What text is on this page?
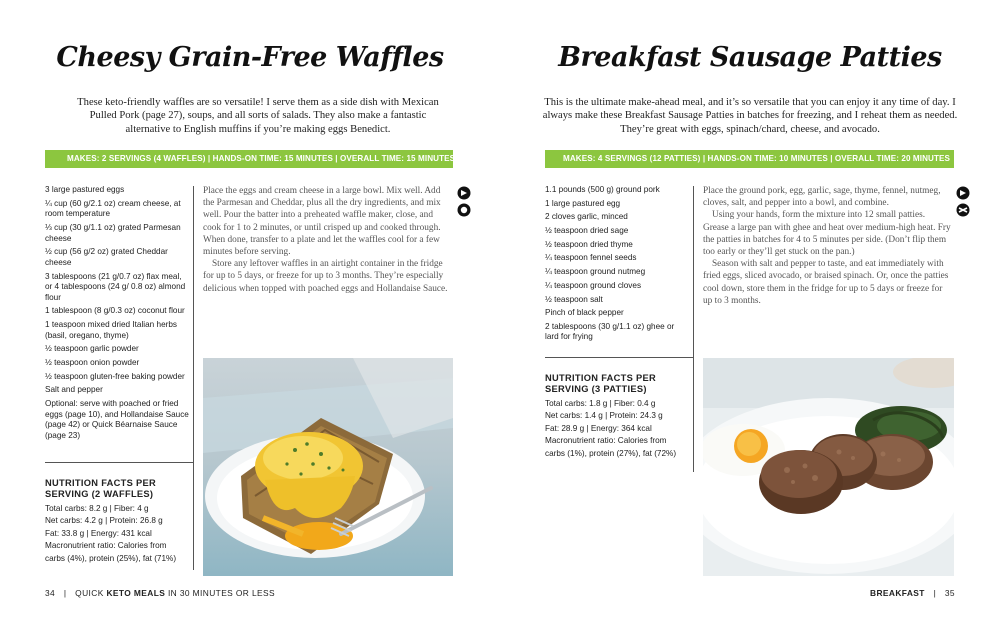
Cheesy Grain-Free Waffles

These keto-friendly waffles are so versatile! I serve them as a side dish with Mexican Pulled Pork (page 27), soups, and all sorts of salads. They also make a fantastic alternative to English muffins if you’re making eggs Benedict.

MAKES: 2 SERVINGS (4 WAFFLES) | HANDS-ON TIME: 15 MINUTES | OVERALL TIME: 15 MINUTES
3 large pastured eggs
¼ cup (60 g/2.1 oz) cream cheese, at room temperature
⅓ cup (30 g/1.1 oz) grated Parmesan cheese
½ cup (56 g/2 oz) grated Cheddar cheese
3 tablespoons (21 g/0.7 oz) flax meal, or 4 tablespoons (24 g/ 0.8 oz) almond flour
1 tablespoon (8 g/0.3 oz) coconut flour
1 teaspoon mixed dried Italian herbs (basil, oregano, thyme)
½ teaspoon garlic powder
½ teaspoon onion powder
½ teaspoon gluten-free baking powder
Salt and pepper
Optional: serve with poached or fried eggs (page 10), and Hollandaise Sauce (page 42) or Quick Béarnaise Sauce (page 23)

Place the eggs and cream cheese in a large bowl. Mix well. Add the Parmesan and Cheddar, plus all the dry ingredients, and mix well. Pour the batter into a preheated waffle maker, close, and cook for 1 to 2 minutes, or until crisped up and cooked through. When done, transfer to a plate and let the waffles cool for a few minutes before serving.

Store any leftover waffles in an airtight container in the fridge for up to 5 days, or freeze for up to 3 months. They’re especially delicious when topped with poached eggs and Hollandaise Sauce.

NUTRITION FACTS PER
SERVING (2 WAFFLES)
Total carbs: 8.2 g | Fiber: 4 g
Net carbs: 4.2 g | Protein: 26.8 g
Fat: 33.8 g | Energy: 431 kcal
Macronutrient ratio: Calories from
carbs (4%), protein (25%), fat (71%)
34 | QUICK KETO MEALS IN 30 MINUTES OR LESS
Breakfast Sausage Patties

This is the ultimate make-ahead meal, and it’s so versatile that you can enjoy it any time of day. I always make these Breakfast Sausage Patties in batches for freezing, and I reheat them as needed. They’re great with eggs, spinach/chard, cheese, and avocado.

MAKES: 4 SERVINGS (12 PATTIES) | HANDS-ON TIME: 10 MINUTES | OVERALL TIME: 20 MINUTES
1.1 pounds (500 g) ground pork
1 large pastured egg
2 cloves garlic, minced
½ teaspoon dried sage
½ teaspoon dried thyme
¼ teaspoon fennel seeds
¼ teaspoon ground nutmeg
¼ teaspoon ground cloves
½ teaspoon salt
Pinch of black pepper
2 tablespoons (30 g/1.1 oz) ghee or lard for frying

Place the ground pork, egg, garlic, sage, thyme, fennel, nutmeg, cloves, salt, and pepper into a bowl, and combine.

Using your hands, form the mixture into 12 small patties. Grease a large pan with ghee and heat over medium-high heat. Fry the patties in batches for 4 to 5 minutes per side. (Don’t flip them too early or they’ll get stuck on the pan.)

Season with salt and pepper to taste, and eat immediately with fried eggs, sliced avocado, or braised spinach. Or, once the patties cool down, store them in the fridge for up to 5 days or freeze for up to 3 months.

NUTRITION FACTS PER
SERVING (3 PATTIES)
Total carbs: 1.8 g | Fiber: 0.4 g
Net carbs: 1.4 g | Protein: 24.3 g
Fat: 28.9 g | Energy: 364 kcal
Macronutrient ratio: Calories from
carbs (1%), protein (27%), fat (72%)
BREAKFAST | 35
